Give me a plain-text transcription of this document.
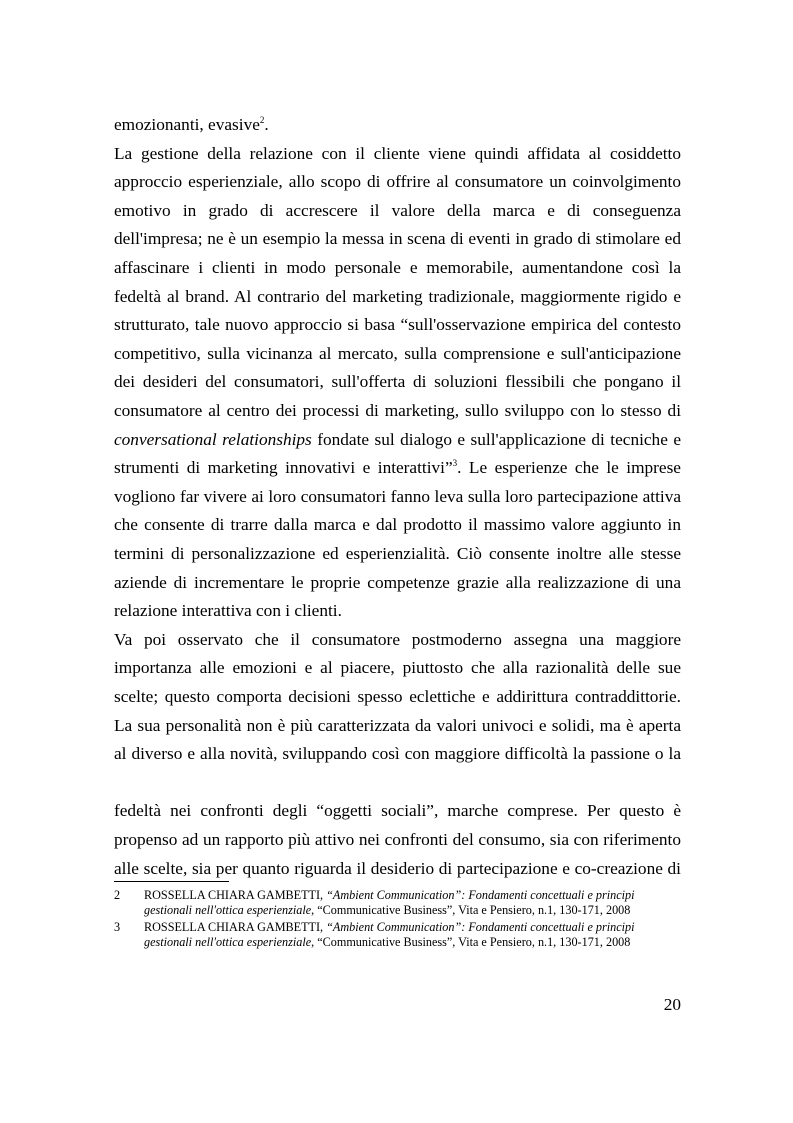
emozionanti, evasive$^2$.
La gestione della relazione con il cliente viene quindi affidata al cosiddetto
approccio esperienziale, allo scopo di offrire al consumatore un coinvolgimento
emotivo in grado di accrescere il valore della marca e di conseguenza
dell'impresa; ne è un esempio la messa in scena di eventi in grado di stimolare ed
affascinare i clienti in modo personale e memorabile, aumentandone così la
fedeltà al brand. Al contrario del marketing tradizionale, maggiormente rigido e
strutturato, tale nuovo approccio si basa “sull'osservazione empirica del contesto
competitivo, sulla vicinanza al mercato, sulla comprensione e sull'anticipazione
dei desideri del consumatori, sull'offerta di soluzioni flessibili che pongano il
consumatore al centro dei processi di marketing, sullo sviluppo con lo stesso di
conversational relationships fondate sul dialogo e sull'applicazione di tecniche e
strumenti di marketing innovativi e interattivi”$^3$. Le esperienze che le imprese
vogliono far vivere ai loro consumatori fanno leva sulla loro partecipazione attiva
che consente di trarre dalla marca e dal prodotto il massimo valore aggiunto in
termini di personalizzazione ed esperienzialità. Ciò consente inoltre alle stesse
aziende di incrementare le proprie competenze grazie alla realizzazione di una
relazione interattiva con i clienti.
Va poi osservato che il consumatore postmoderno assegna una maggiore
importanza alle emozioni e al piacere, piuttosto che alla razionalità delle sue
scelte; questo comporta decisioni spesso eclettiche e addirittura contraddittorie.
La sua personalità non è più caratterizzata da valori univoci e solidi, ma è aperta
al diverso e alla novità, sviluppando così con maggiore difficoltà la passione o la
fedeltà nei confronti degli “oggetti sociali”, marche comprese. Per questo è
alle scelte, sia per quanto riguarda il desiderio di partecipazione e co-creazione di
propenso ad un rapporto più attivo nei confronti del consumo, sia con riferimento
2 ROSSELLA CHIARA GAMBETTI, “Ambient Communication”: Fondamenti concettuali e principi
gestionali nell'ottica esperienziale, “Communicative Business”, Vita e Pensiero, n.1, 130-171, 2008
3 ROSSELLA CHIARA GAMBETTI, “Ambient Communication”: Fondamenti concettuali e principi
gestionali nell'ottica esperienziale, “Communicative Business”, Vita e Pensiero, n.1, 130-171, 2008
20
